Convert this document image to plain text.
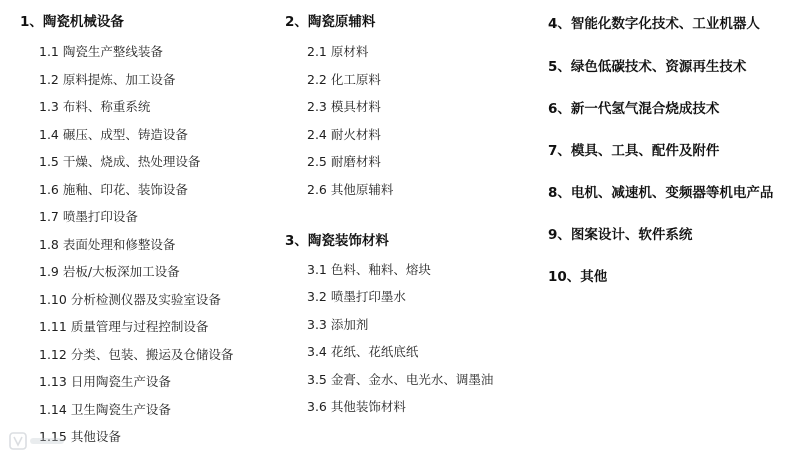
1、陶瓷机械设备
1.1 陶瓷生产整线装备
1.2 原料提炼、加工设备
1.3 布料、称重系统
1.4 碾压、成型、铸造设备
1.5 干燥、烧成、热处理设备
1.6 施釉、印花、装饰设备
1.7 喷墨打印设备
1.8 表面处理和修整设备
1.9 岩板/大板深加工设备
1.10 分析检测仪器及实验室设备
1.11 质量管理与过程控制设备
1.12 分类、包装、搬运及仓储设备
1.13 日用陶瓷生产设备
1.14 卫生陶瓷生产设备
1.15 其他设备
2、陶瓷原辅料
2.1 原材料
2.2 化工原料
2.3 模具材料
2.4 耐火材料
2.5 耐磨材料
2.6 其他原辅料
3、陶瓷装饰材料
3.1 色料、釉料、熔块
3.2 喷墨打印墨水
3.3 添加剂
3.4 花纸、花纸底纸
3.5 金膏、金水、电光水、调墨油
3.6 其他装饰材料
4、智能化数字化技术、工业机器人
5、绿色低碳技术、资源再生技术
6、新一代氢气混合烧成技术
7、模具、工具、配件及附件
8、电机、减速机、变频器等机电产品
9、图案设计、软件系统
10、其他
